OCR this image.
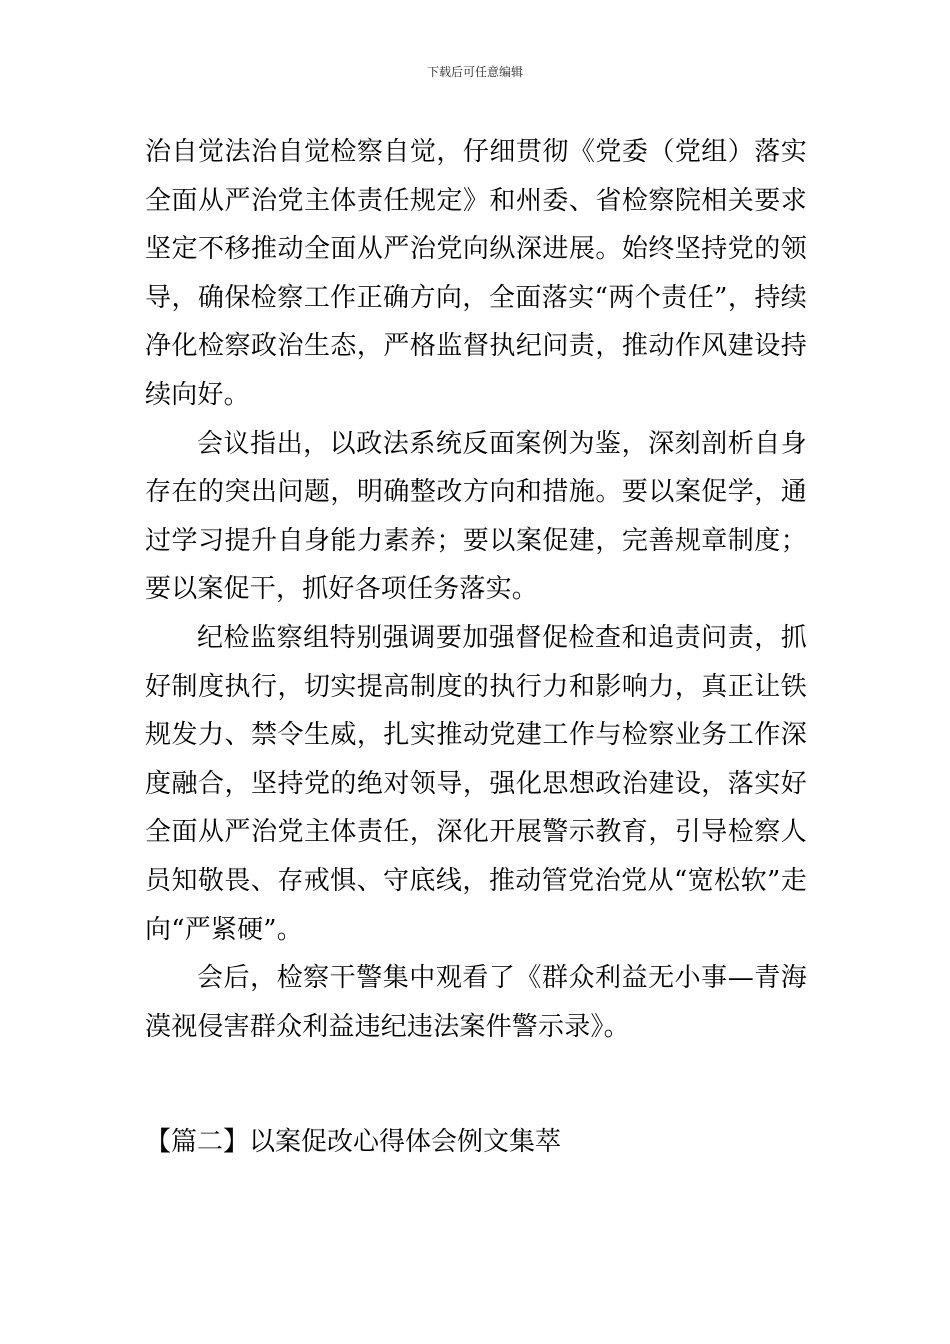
下载后可任意编辑

治自觉法治自觉检察自觉，仔细贯彻《党委（党组）落实全面从严治党主体责任规定》和州委、省检察院相关要求坚定不移推动全面从严治党向纵深进展。始终坚持党的领导，确保检察工作正确方向，全面落实“两个责任”，持续净化检察政治生态，严格监督执纪问责，推动作风建设持续向好。

会议指出，以政法系统反面案例为鉴，深刻剖析自身存在的突出问题，明确整改方向和措施。要以案促学，通过学习提升自身能力素养；要以案促建，完善规章制度；要以案促干，抓好各项任务落实。

纪检监察组特别强调要加强督促检查和追责问责，抓好制度执行，切实提高制度的执行力和影响力，真正让铁规发力、禁令生威，扎实推动党建工作与检察业务工作深度融合，坚持党的绝对领导，强化思想政治建设，落实好全面从严治党主体责任，深化开展警示教育，引导检察人员知敬畏、存戒惧、守底线，推动管党治党从“宽松软”走向“严紧硬”。

会后，检察干警集中观看了《群众利益无小事—青海漠视侵害群众利益违纪违法案件警示录》。

【篇二】以案促改心得体会例文集萃
